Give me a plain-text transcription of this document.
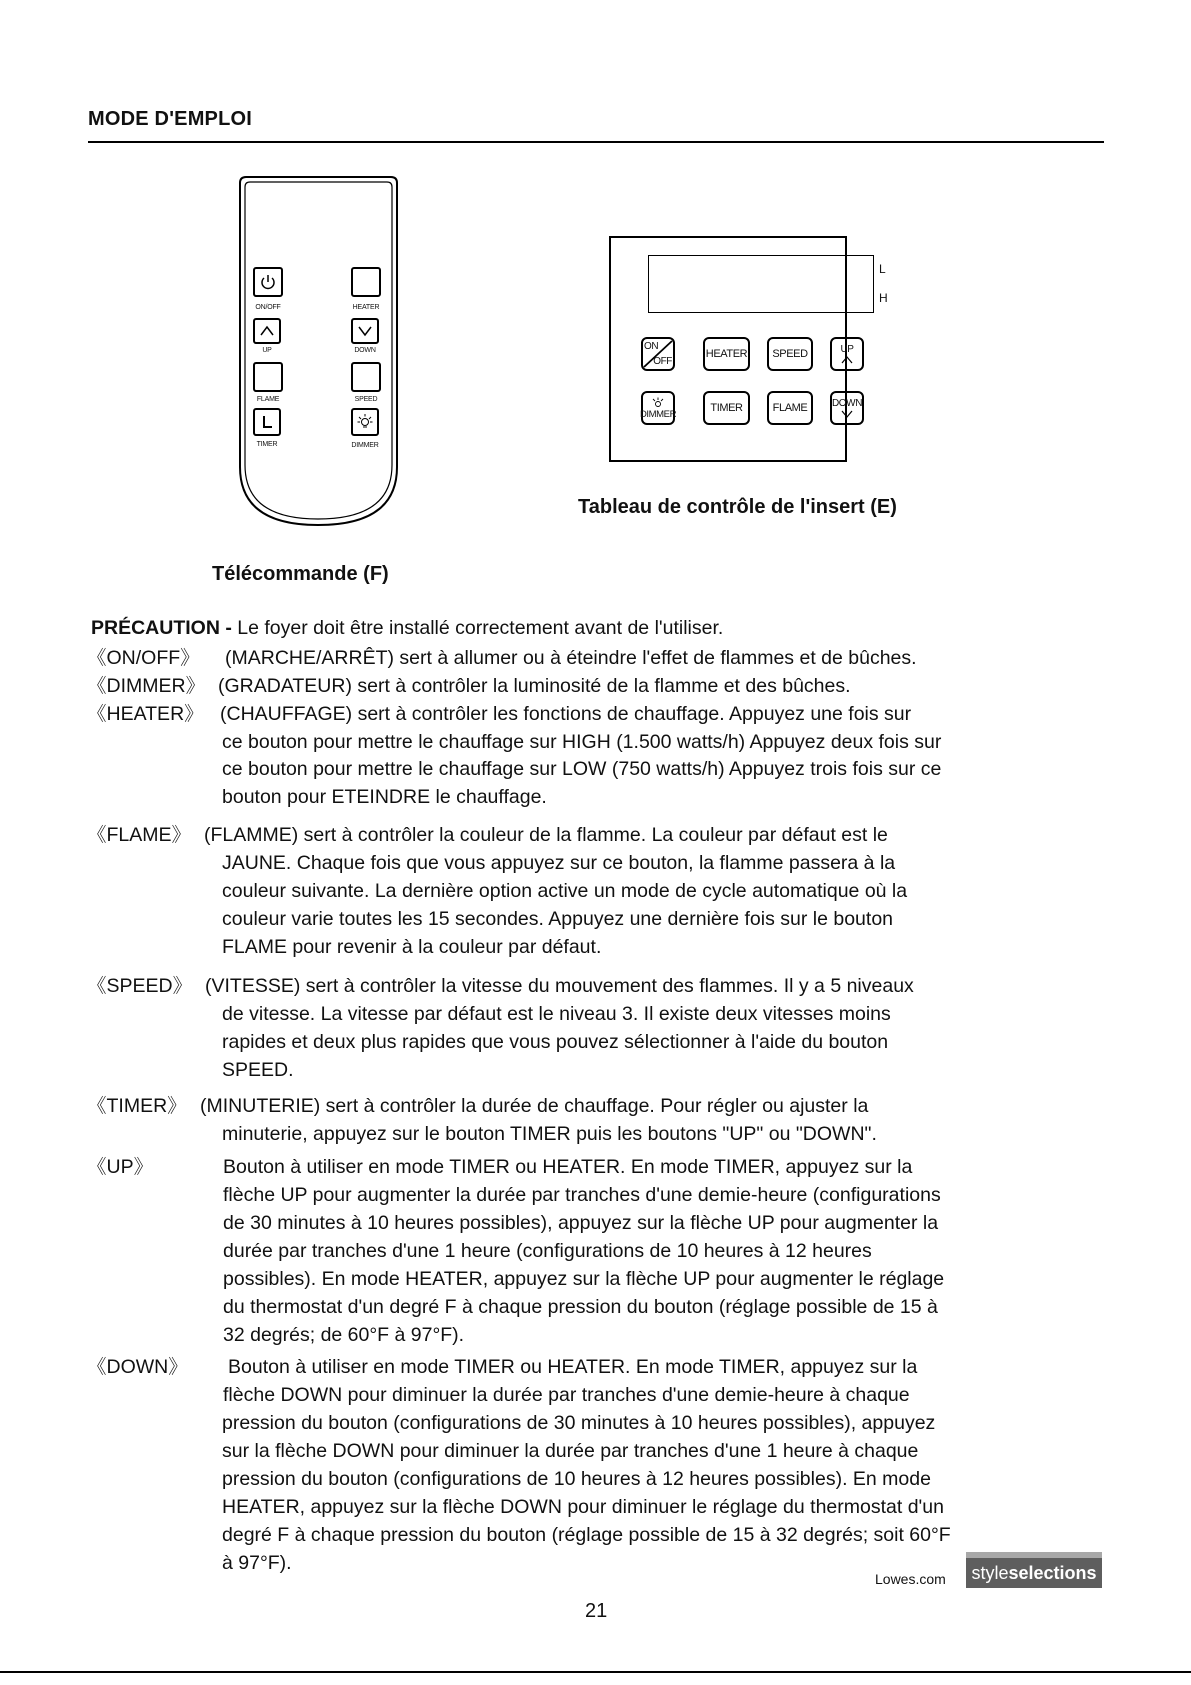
MODE D'EMPLOI
ON/OFF	HEATER
UP	DOWN
FLAME	SPEED
TIMER	DIMMER
Télécommande (F)
L
H
ON
OFF
HEATER SPEED	UP
DIMMER
TIMER	FLAME DOWN
Tableau de contrôle de l'insert (E)
PRÉCAUTION - Le foyer doit être installé correctement avant de l'utiliser.
《ON/OFF》 (MARCHE/ARRÊT) sert à allumer ou à éteindre l'effet de flammes et de bûches.
《DIMMER》 (GRADATEUR) sert à contrôler la luminosité de la flamme et des bûches.
《HEATER》 (CHAUFFAGE) sert à contrôler les fonctions de chauffage. Appuyez une fois sur
ce bouton pour mettre le chauffage sur HIGH (1.500 watts/h) Appuyez deux fois sur
ce bouton pour mettre le chauffage sur LOW (750 watts/h) Appuyez trois fois sur ce
bouton pour ETEINDRE le chauffage.
《FLAME》 (FLAMME) sert à contrôler la couleur de la flamme. La couleur par défaut est le
JAUNE. Chaque fois que vous appuyez sur ce bouton, la flamme passera à la
couleur suivante. La dernière option active un mode de cycle automatique où la
couleur varie toutes les 15 secondes. Appuyez une dernière fois sur le bouton
FLAME pour revenir à la couleur par défaut.
《SPEED》 (VITESSE) sert à contrôler la vitesse du mouvement des flammes. Il y a 5 niveaux
de vitesse. La vitesse par défaut est le niveau 3. Il existe deux vitesses moins
rapides et deux plus rapides que vous pouvez sélectionner à l'aide du bouton
SPEED.
《TIMER》 (MINUTERIE) sert à contrôler la durée de chauffage. Pour régler ou ajuster la
minuterie, appuyez sur le bouton TIMER puis les boutons "UP" ou "DOWN".
《UP》	Bouton à utiliser en mode TIMER ou HEATER. En mode TIMER, appuyez sur la
flèche UP pour augmenter la durée par tranches d'une demie-heure (configurations
de 30 minutes à 10 heures possibles), appuyez sur la flèche UP pour augmenter la
durée par tranches d'une 1 heure (configurations de 10 heures à 12 heures
possibles). En mode HEATER, appuyez sur la flèche UP pour augmenter le réglage
du thermostat d'un degré F à chaque pression du bouton (réglage possible de 15 à
32 degrés; de 60°F à 97°F).
《DOWN》 Bouton à utiliser en mode TIMER ou HEATER. En mode TIMER, appuyez sur la
flèche DOWN pour diminuer la durée par tranches d'une demie-heure à chaque
pression du bouton (configurations de 30 minutes à 10 heures possibles), appuyez
sur la flèche DOWN pour diminuer la durée par tranches d'une 1 heure à chaque
pression du bouton (configurations de 10 heures à 12 heures possibles). En mode
HEATER, appuyez sur la flèche DOWN pour diminuer le réglage du thermostat d'un
degré F à chaque pression du bouton (réglage possible de 15 à 32 degrés; soit 60°F
à 97°F).
Lowes.com style selections
21
